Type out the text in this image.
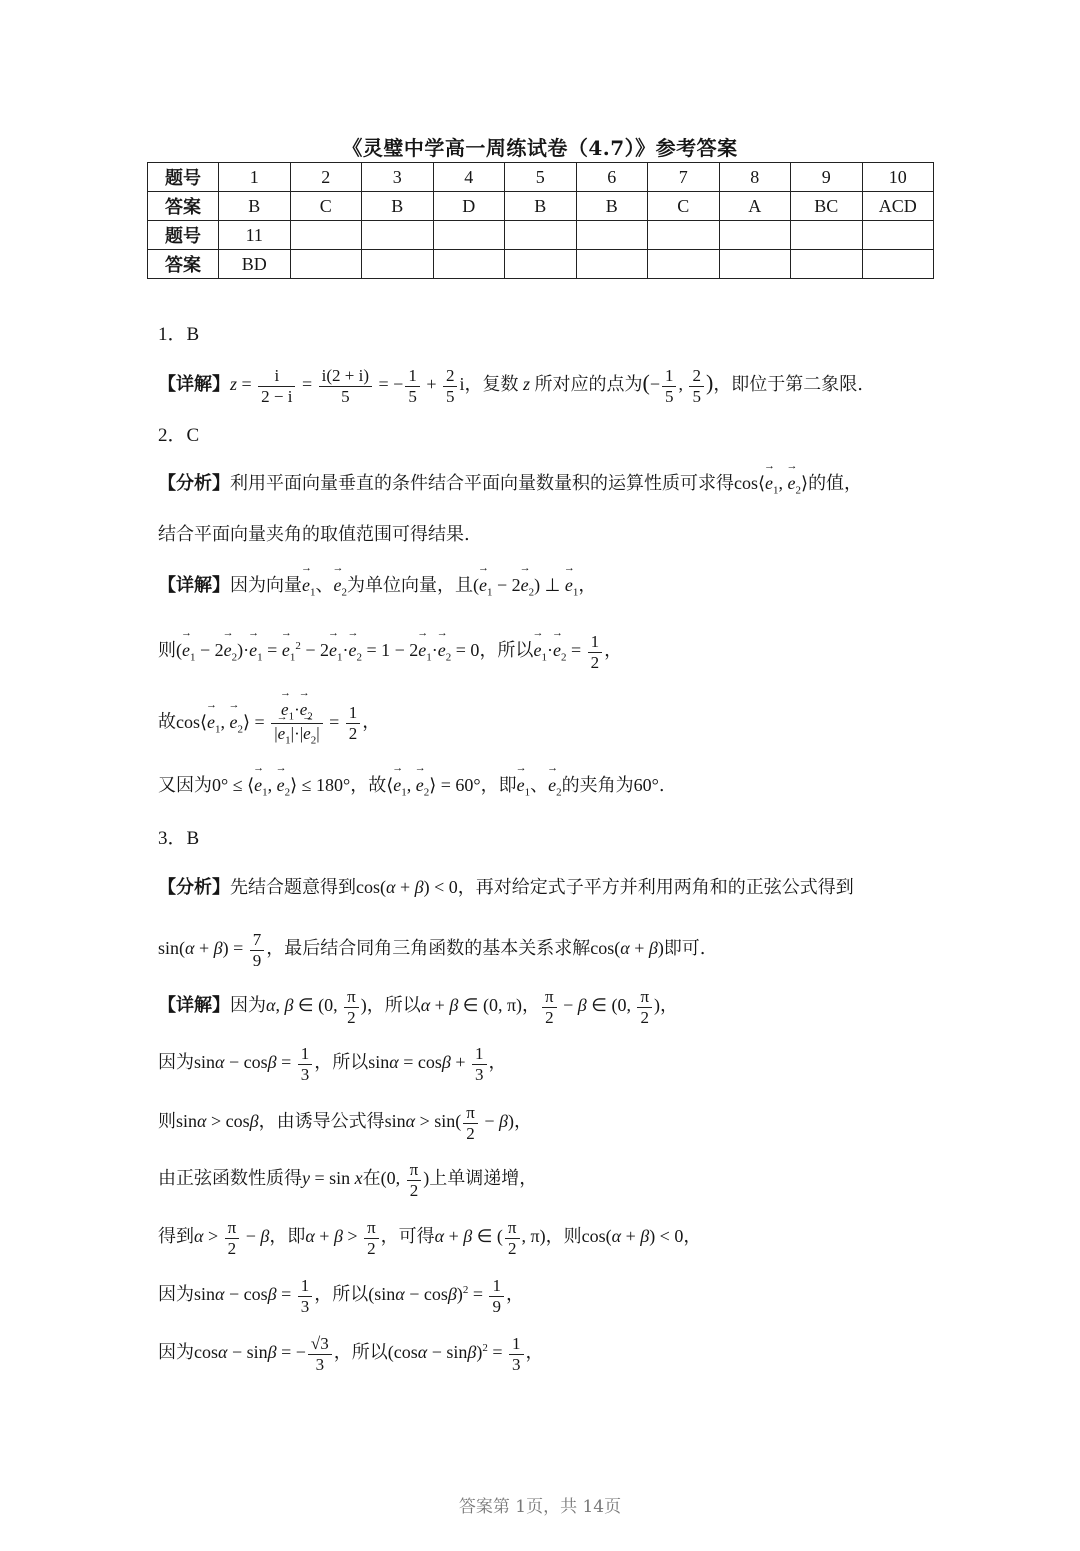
《灵璧中学高一周练试卷（4.7）》参考答案
题号	1	2	3	4	5	6	7	8	9	10
答案	B	C	B	D	B	B	C	A	BC	ACD
题号	11									
答案	BD									
1．B
【详解】$z = \frac{i}{2 - i} = \frac{i(2 + i)}{5}$ = − $\frac{1}{5} + \frac{2}{5}$ i，复数 z 所对应的点为(− $\frac{1}{5}$ , $\frac{2}{5}$ )，即位于第二象限.
2．C
【分析】利用平面向量垂直的条件结合平面向量数量积的运算性质可求得cos⟨→ $e_1$, → $e_2⟩$的值，
结合平面向量夹角的取值范围可得结果.
【详解】因为向量→ $e_1$、→ $e_2$为单位向量，且(→ $e_1 - 2\to e_2$) ⊥ → $e_1$，
则(→ $e_1 - 2\to e_2)\cdot\to e_1$ = → $e_1^2 - 2\to e_1\cdot\to e_2 = 1 - 2\to e_1\cdot\to e_2 = 0$，所以→ $e_1\cdot\to e_2 = \frac{1}{2}$ ，
故cos⟨→ $e_1$, → $e_2⟩$ = → $\frac{e_1\cdot\to e_2}{|\to e_1|\cdot|\to e_2|} = \frac{1}{2}$ ，
又因为0° ≤ ⟨→ $e_1$, → $e_2⟩ \le 180^\circ$，故⟨→ $e_1$, → $e_2⟩ = 60^\circ$，即→ $e_1$、→ $e_2$的夹角为60°.
3．B
【分析】先结合题意得到cos(α + β) < 0，再对给定式子平方并利用两角和的正弦公式得到
$\sin(\alpha + \beta) = \frac{7}{9}$ ，最后结合同角三角函数的基本关系求解cos(α + β)即可.
【详解】因为α, β ∈ (0, $\frac{\pi}{2}$ )，所以α + β ∈ (0, π)， $\frac{\pi}{2} - \beta$ ∈ (0, $\frac{\pi}{2}$ )，
因为$\sin\alpha - \cos\beta = \frac{1}{3}$ ，所以$\sin\alpha = \cos\beta + \frac{1}{3}$ ，
则sinα > cosβ，由诱导公式得$\sin\alpha > \sin( \frac{\pi}{2} - \beta)$，
由正弦函数性质得y = sin x在(0, $\frac{\pi}{2}$ )上单调递增，
得到$\alpha > \frac{\pi}{2} - \beta$，即$\alpha + \beta > \frac{\pi}{2}$ ，可得α + β ∈ ( $\frac{\pi}{2}$ , π)，则cos(α + β) < 0，
因为$\sin\alpha - \cos\beta = \frac{1}{3}$ ，所以$(\sin\alpha - \cos\beta)^2 = \frac{1}{9}$ ，
因为cosα − sinβ = − $\frac{√3}{3}$ ，所以$(\cos\alpha - \sin\beta)^2 = \frac{1}{3}$ ，
答案第 1页，共 14页
